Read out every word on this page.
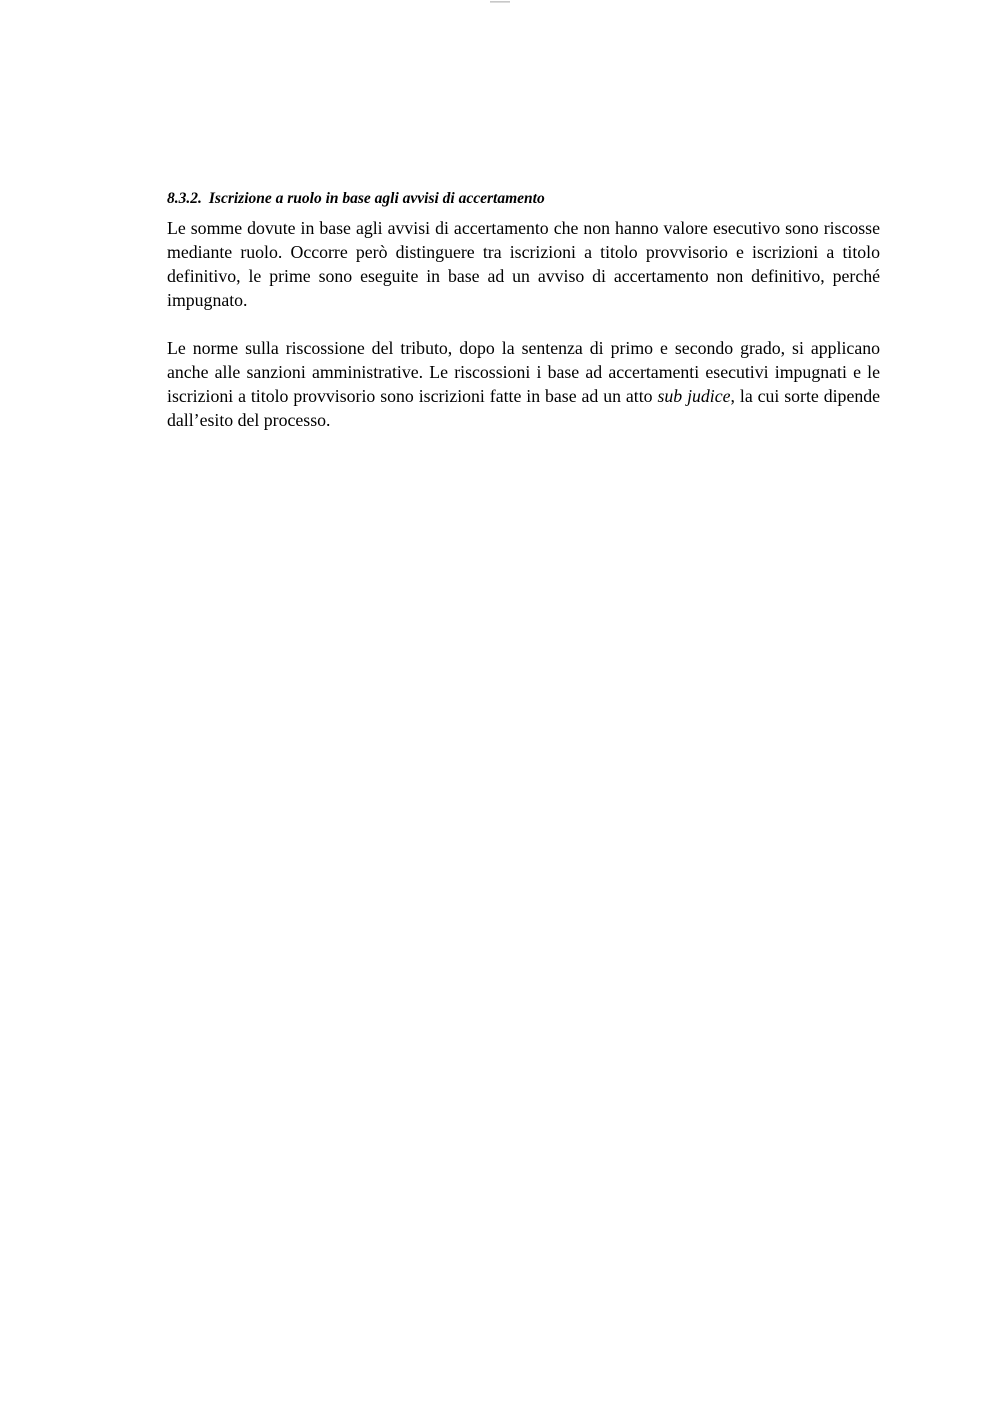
8.3.2. Iscrizione a ruolo in base agli avvisi di accertamento

Le somme dovute in base agli avvisi di accertamento che non hanno valore esecutivo sono riscosse mediante ruolo. Occorre però distinguere tra iscrizioni a titolo provvisorio e iscrizioni a titolo definitivo, le prime sono eseguite in base ad un avviso di accertamento non definitivo, perché impugnato.

Le norme sulla riscossione del tributo, dopo la sentenza di primo e secondo grado, si applicano anche alle sanzioni amministrative. Le riscossioni i base ad accertamenti esecutivi impugnati e le iscrizioni a titolo provvisorio sono iscrizioni fatte in base ad un atto sub judice, la cui sorte dipende dall’esito del processo.
